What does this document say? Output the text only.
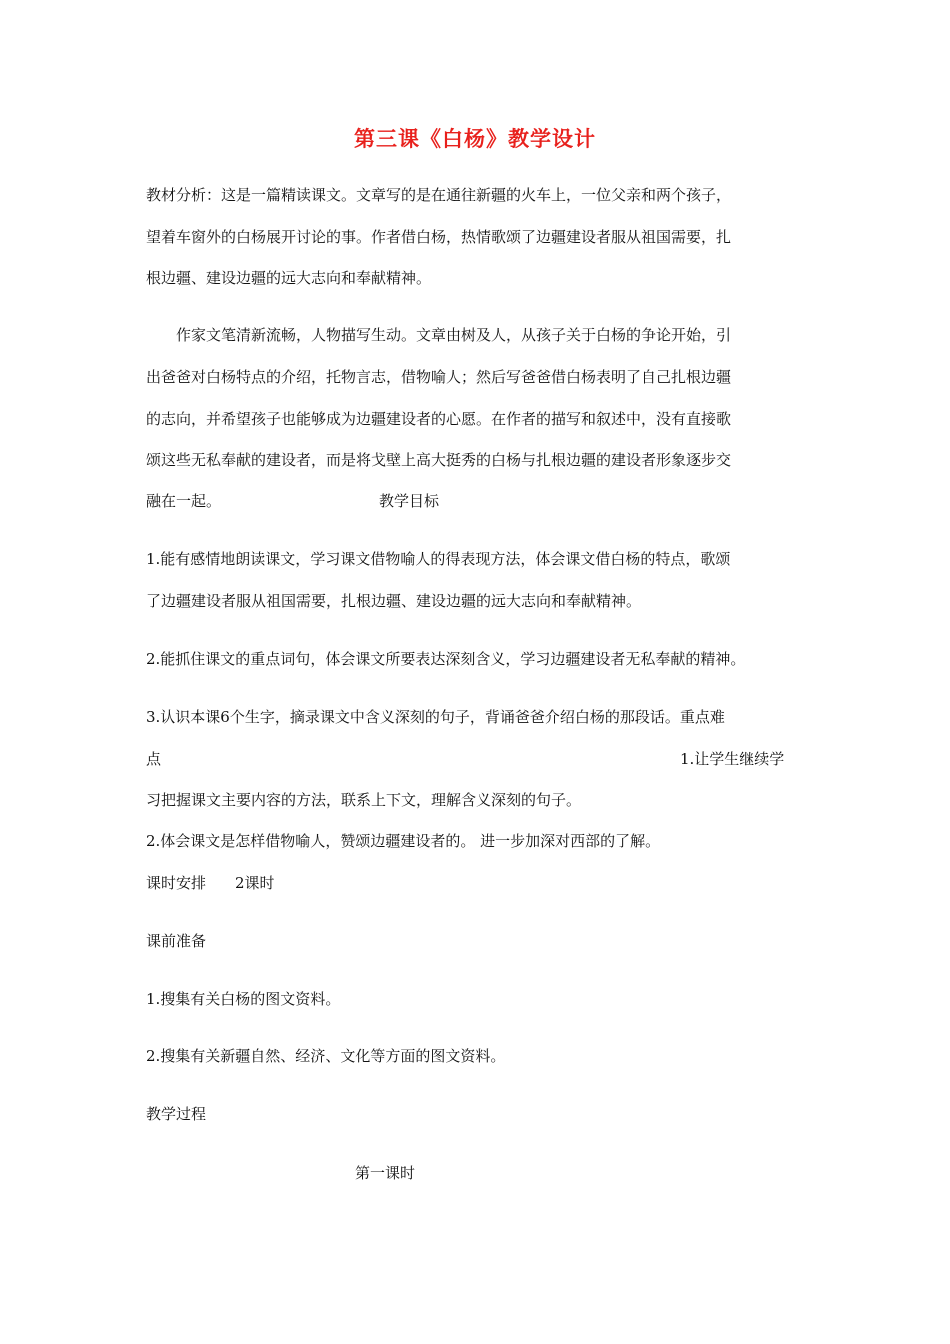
第三课《白杨》教学设计
教材分析：这是一篇精读课文。文章写的是在通往新疆的火车上，一位父亲和两个孩子，
望着车窗外的白杨展开讨论的事。作者借白杨，热情歌颂了边疆建设者服从祖国需要，扎
根边疆、建设边疆的远大志向和奉献精神。
作家文笔清新流畅，人物描写生动。文章由树及人，从孩子关于白杨的争论开始，引
出爸爸对白杨特点的介绍，托物言志，借物喻人；然后写爸爸借白杨表明了自己扎根边疆
的志向，并希望孩子也能够成为边疆建设者的心愿。在作者的描写和叙述中，没有直接歌
颂这些无私奉献的建设者，而是将戈壁上高大挺秀的白杨与扎根边疆的建设者形象逐步交
融在一起。	教学目标
1.能有感情地朗读课文，学习课文借物喻人的得表现方法，体会课文借白杨的特点，歌颂
了边疆建设者服从祖国需要，扎根边疆、建设边疆的远大志向和奉献精神。
2.能抓住课文的重点词句，体会课文所要表达深刻含义，学习边疆建设者无私奉献的精神。
3.认识本课6个生字，摘录课文中含义深刻的句子，背诵爸爸介绍白杨的那段话。重点难
点	1.让学生继续学
习把握课文主要内容的方法，联系上下文，理解含义深刻的句子。
2.体会课文是怎样借物喻人，赞颂边疆建设者的。 进一步加深对西部的了解。
课时安排 2课时
课前准备
1.搜集有关白杨的图文资料。
2.搜集有关新疆自然、经济、文化等方面的图文资料。
教学过程
第一课时
